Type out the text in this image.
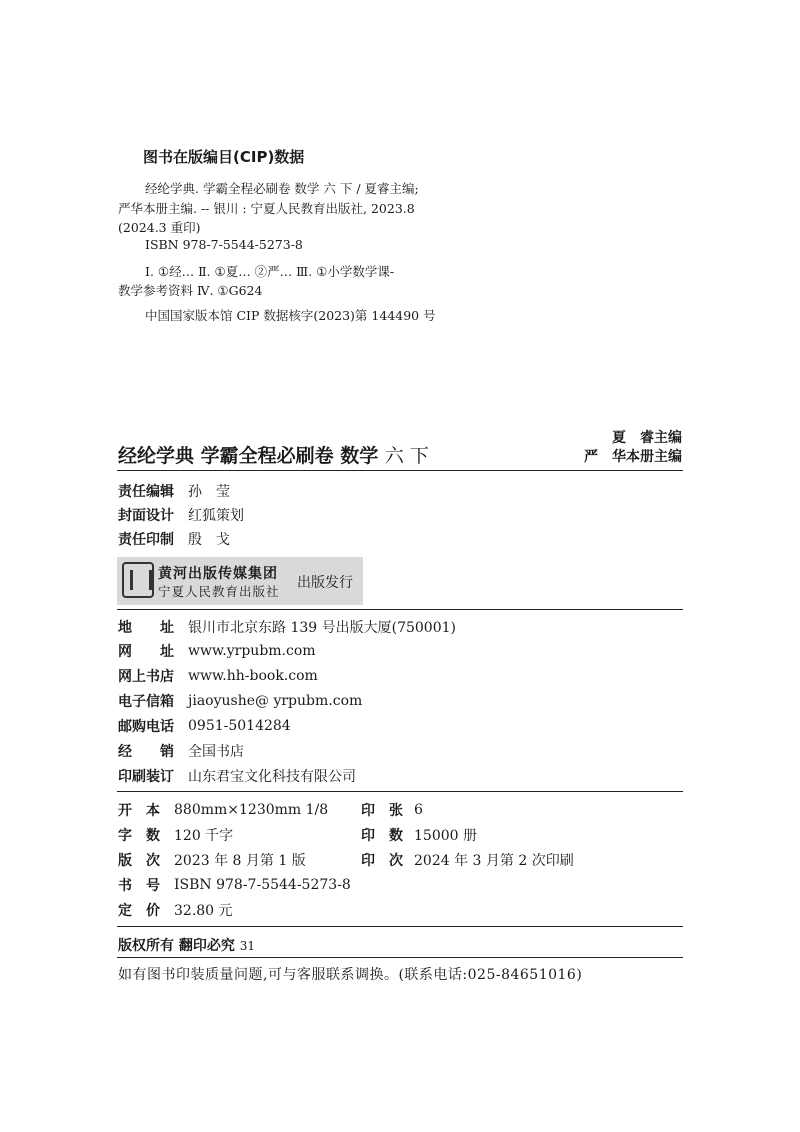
图书在版编目(CIP)数据
经纶学典. 学霸全程必刷卷 数学 六 下 / 夏睿主编;
严华本册主编. -- 银川 : 宁夏人民教育出版社, 2023.8
(2024.3 重印)
ISBN 978-7-5544-5273-8
Ⅰ. ①经… Ⅱ. ①夏… ②严… Ⅲ. ①小学数学课-
教学参考资料 Ⅳ. ①G624
中国国家版本馆 CIP 数据核字(2023)第 144490 号
经纶学典 学霸全程必刷卷 数学 六 下
夏　睿主编
严　华本册主编
责任编辑 孙　莹
封面设计 红狐策划
责任印制 殷　戈
黄河出版传媒集团
宁夏人民教育出版社
出版发行
地　　址 银川市北京东路 139 号出版大厦(750001)
网　　址 www.yrpubm.com
网上书店 www.hh-book.com
电子信箱 jiaoyushe@ yrpubm.com
邮购电话 0951-5014284
经　　销 全国书店
印刷装订 山东君宝文化科技有限公司
开　本 880mm×1230mm 1/8 印　张 6
字　数 120 千字	印　数 15000 册
版　次 2023 年 8 月第 1 版	印　次 2024 年 3 月第 2 次印刷
书　号 ISBN 978-7-5544-5273-8
定　价 32.80 元
版权所有 翻印必究 31
如有图书印装质量问题,可与客服联系调换。(联系电话:025-84651016)
